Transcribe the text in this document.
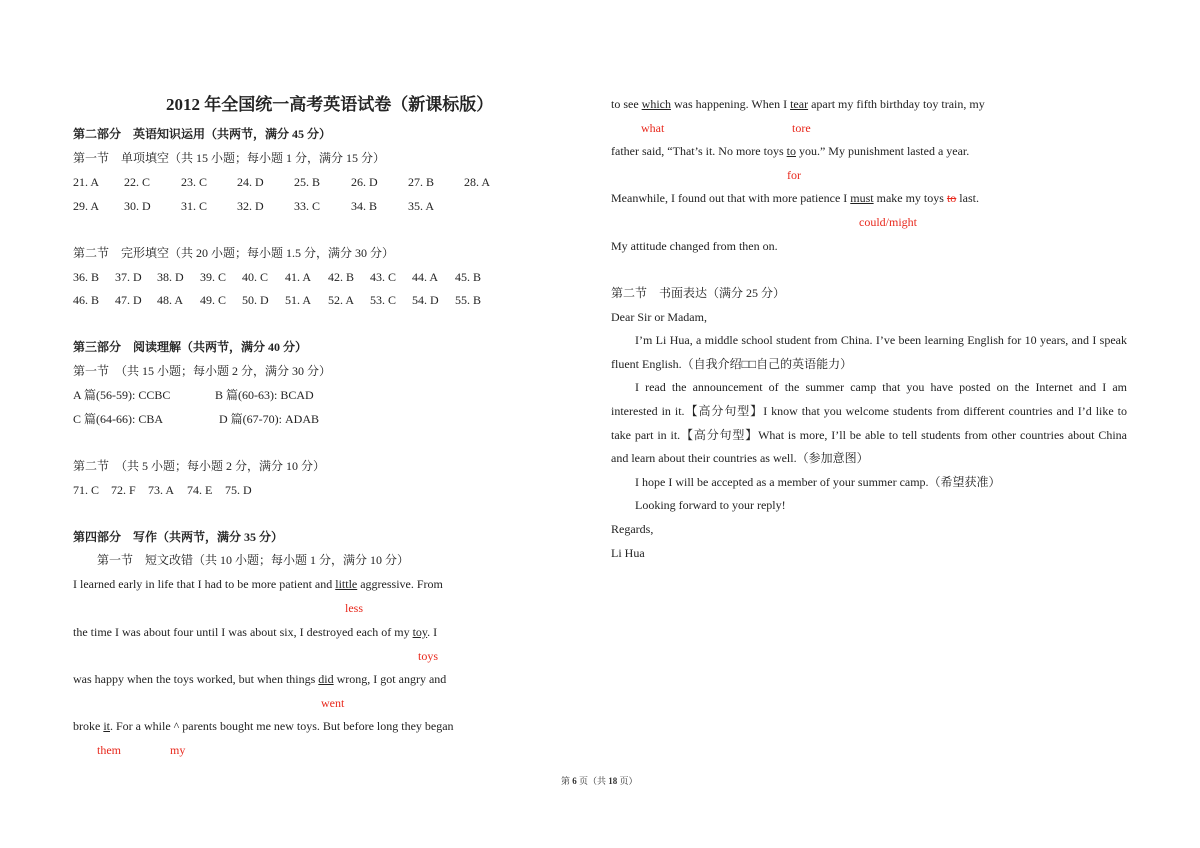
2012 年全国统一高考英语试卷（新课标版）
第二部分　英语知识运用（共两节，满分 45 分）
第一节　单项填空（共 15 小题；每小题 1 分，满分 15 分）
21. A 22. C	23. C 24. D	25. B	26. D	27. B 28. A
29. A 30. D	31. C 32. D	33. C	34. B	35. A
第二节　完形填空（共 20 小题；每小题 1.5 分，满分 30 分）
36. B 37. D 38. D 39. C 40. C 41. A 42. B 43. C 44. A 45. B
46. B 47. D 48. A 49. C 50. D 51. A 52. A 53. C 54. D 55. B
第三部分　阅读理解（共两节，满分 40 分）
第一节　（共 15 小题；每小题 2 分，满分 30 分）
A 篇(56-59): CCBC	B 篇(60-63): BCAD
C 篇(64-66): CBA	D 篇(67-70): ADAB
第二节　（共 5 小题；每小题 2 分，满分 10 分）
71. C 72. F 73. A 74. E 75. D
第四部分　写作（共两节，满分 35 分）
第一节　短文改错（共 10 小题；每小题 1 分，满分 10 分）
I learned early in life that I had to be more patient and little aggressive. From
less
the time I was about four until I was about six, I destroyed each of my toy. I
toys
was happy when the toys worked, but when things did wrong, I got angry and
went
broke it. For a while ^ parents bought me new toys. But before long they began
them	my
to see which was happening. When I tear apart my fifth birthday toy train, my
what	tore
father said, “That’s it. No more toys to you.” My punishment lasted a year.
for
Meanwhile, I found out that with more patience I must make my toys to last.
could/might
My attitude changed from then on.
第二节　书面表达（满分 25 分）
Dear Sir or Madam,
I’m Li Hua, a middle school student from China. I’ve been learning English for 10 years, and I speak
fluent English.（自我介绍□□自己的英语能力）
I read the announcement of the summer camp that you have posted on the Internet and I am
interested in it.【高分句型】I know that you welcome students from different countries and I’d like to
take part in it.【高分句型】What is more, I’ll be able to tell students from other countries about China
and learn about their countries as well.（参加意图）
I hope I will be accepted as a member of your summer camp.（希望获准）
Looking forward to your reply!
Regards,
Li Hua
第 6 页（共 18 页）
